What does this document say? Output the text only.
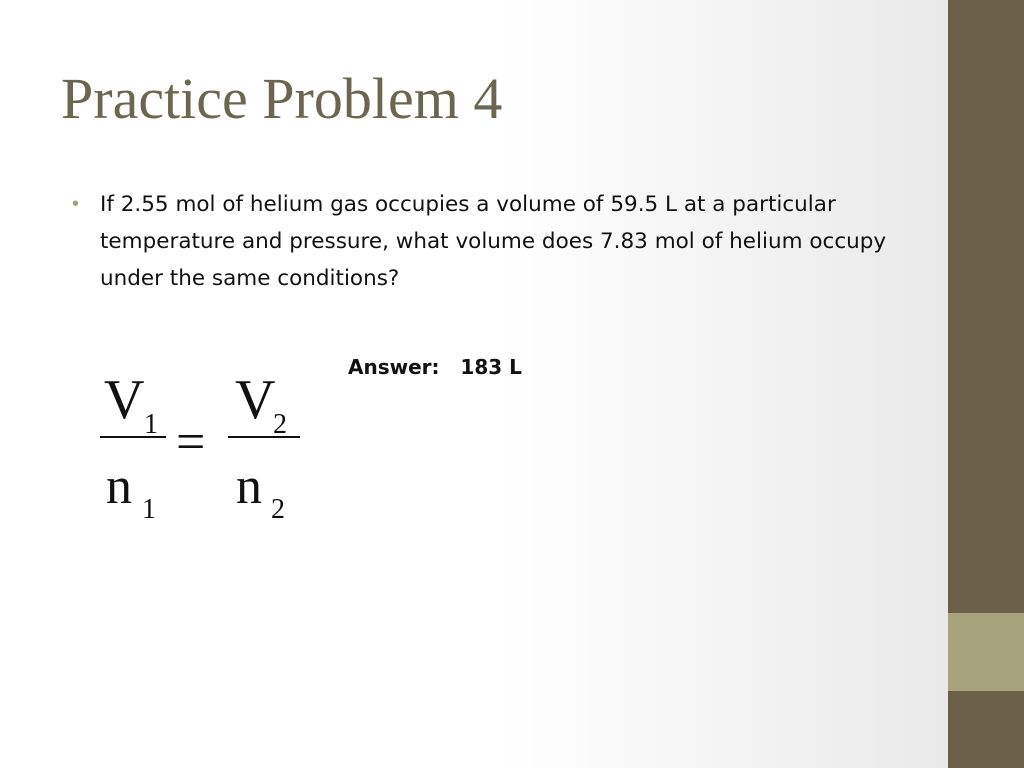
Practice Problem 4
• If 2.55 mol of helium gas occupies a volume of 59.5 L at a particular temperature and pressure, what volume does 7.83 mol of helium occupy under the same conditions?

V 1
n 1
=
V
2
n 2

Answer:   183 L
